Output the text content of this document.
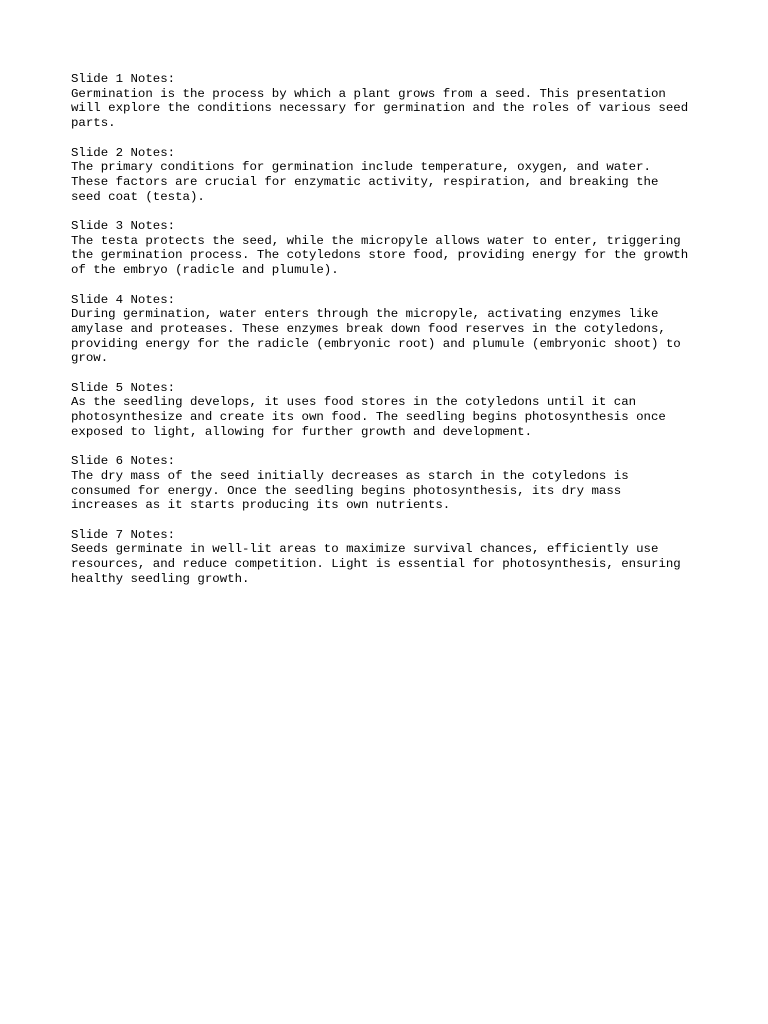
Slide 1 Notes:
Germination is the process by which a plant grows from a seed. This presentation
will explore the conditions necessary for germination and the roles of various seed
parts.
Slide 2 Notes:
The primary conditions for germination include temperature, oxygen, and water.
These factors are crucial for enzymatic activity, respiration, and breaking the
seed coat (testa).
Slide 3 Notes:
The testa protects the seed, while the micropyle allows water to enter, triggering
the germination process. The cotyledons store food, providing energy for the growth
of the embryo (radicle and plumule).
Slide 4 Notes:
During germination, water enters through the micropyle, activating enzymes like
amylase and proteases. These enzymes break down food reserves in the cotyledons,
providing energy for the radicle (embryonic root) and plumule (embryonic shoot) to
grow.
Slide 5 Notes:
As the seedling develops, it uses food stores in the cotyledons until it can
photosynthesize and create its own food. The seedling begins photosynthesis once
exposed to light, allowing for further growth and development.
Slide 6 Notes:
The dry mass of the seed initially decreases as starch in the cotyledons is
consumed for energy. Once the seedling begins photosynthesis, its dry mass
increases as it starts producing its own nutrients.
Slide 7 Notes:
Seeds germinate in well-lit areas to maximize survival chances, efficiently use
resources, and reduce competition. Light is essential for photosynthesis, ensuring
healthy seedling growth.
